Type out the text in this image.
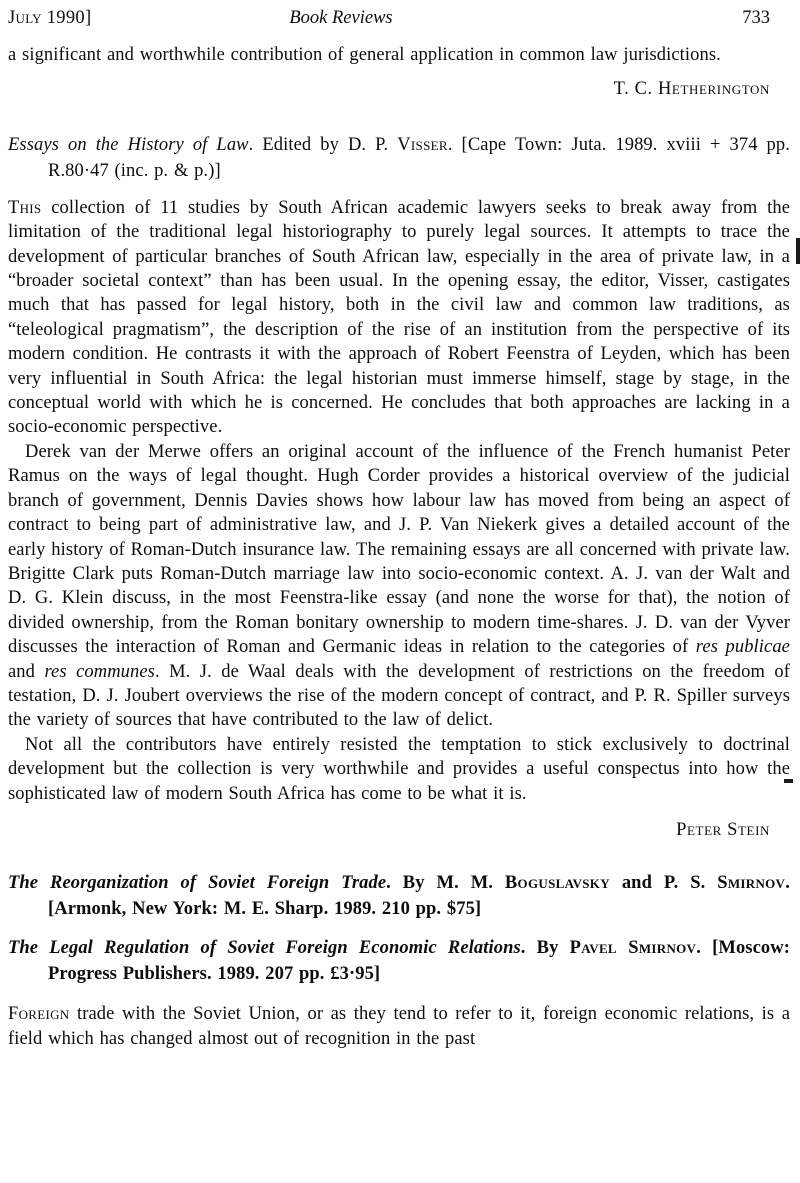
July 1990]	Book Reviews	733

a significant and worthwhile contribution of general application in common law jurisdictions.

T. C. Hetherington

Essays on the History of Law. Edited by D. P. Visser. [Cape Town: Juta. 1989. xviii + 374 pp. R.80·47 (inc. p. & p.)]

This collection of 11 studies by South African academic lawyers seeks to break away from the limitation of the traditional legal historiography to purely legal sources. It attempts to trace the development of particular branches of South African law, especially in the area of private law, in a “broader societal context” than has been usual. In the opening essay, the editor, Visser, castigates much that has passed for legal history, both in the civil law and common law traditions, as “teleological pragmatism”, the description of the rise of an institution from the perspective of its modern condition. He contrasts it with the approach of Robert Feenstra of Leyden, which has been very influential in South Africa: the legal historian must immerse himself, stage by stage, in the conceptual world with which he is concerned. He concludes that both approaches are lacking in a socio-economic perspective.

Derek van der Merwe offers an original account of the influence of the French humanist Peter Ramus on the ways of legal thought. Hugh Corder provides a historical overview of the judicial branch of government, Dennis Davies shows how labour law has moved from being an aspect of contract to being part of administrative law, and J. P. Van Niekerk gives a detailed account of the early history of Roman-Dutch insurance law. The remaining essays are all concerned with private law. Brigitte Clark puts Roman-Dutch marriage law into socio-economic context. A. J. van der Walt and D. G. Klein discuss, in the most Feenstra-like essay (and none the worse for that), the notion of divided ownership, from the Roman bonitary ownership to modern time-shares. J. D. van der Vyver discusses the interaction of Roman and Germanic ideas in relation to the categories of res publicae and res communes. M. J. de Waal deals with the development of restrictions on the freedom of testation, D. J. Joubert overviews the rise of the modern concept of contract, and P. R. Spiller surveys the variety of sources that have contributed to the law of delict.

Not all the contributors have entirely resisted the temptation to stick exclusively to doctrinal development but the collection is very worthwhile and provides a useful conspectus into how the sophisticated law of modern South Africa has come to be what it is.

Peter Stein

The Reorganization of Soviet Foreign Trade. By M. M. Boguslavsky and P. S. Smirnov. [Armonk, New York: M. E. Sharp. 1989. 210 pp. $75]

The Legal Regulation of Soviet Foreign Economic Relations. By Pavel Smirnov. [Moscow: Progress Publishers. 1989. 207 pp. £3·95]

Foreign trade with the Soviet Union, or as they tend to refer to it, foreign economic relations, is a field which has changed almost out of recognition in the past
